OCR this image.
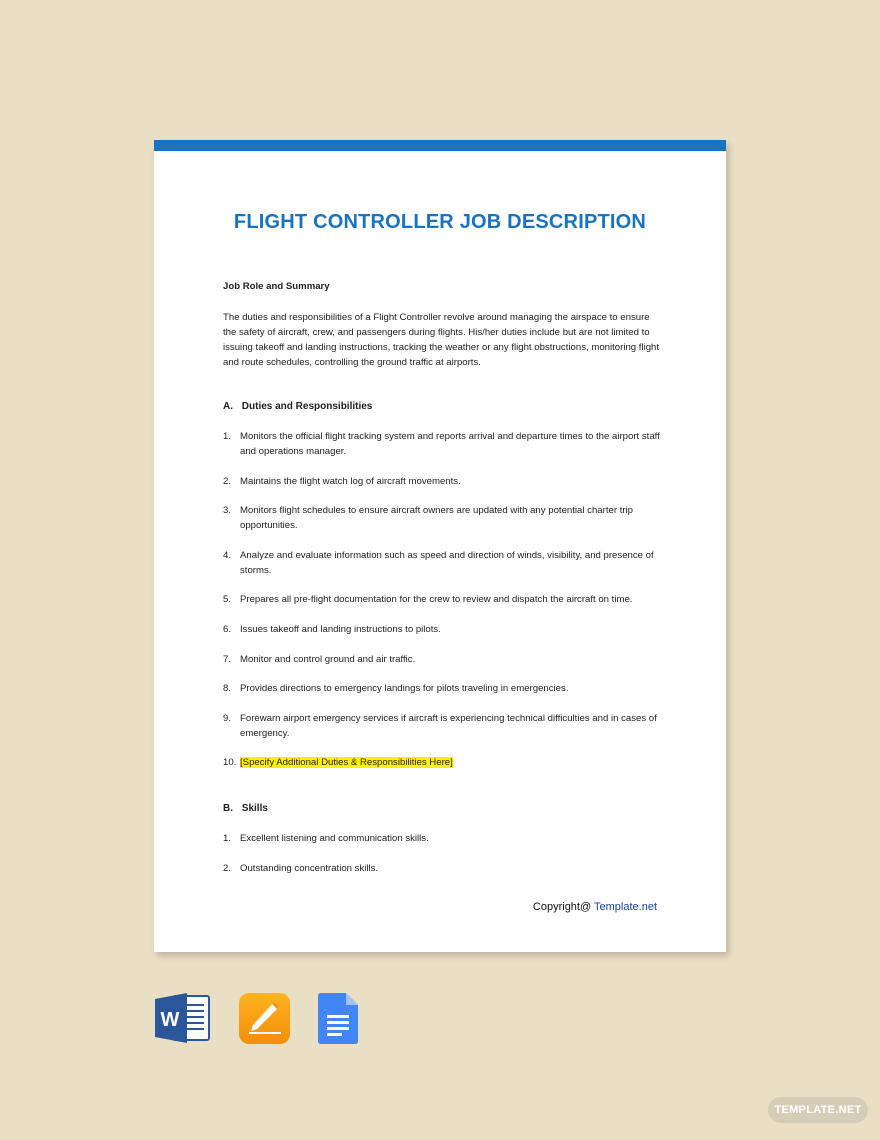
FLIGHT CONTROLLER JOB DESCRIPTION
Job Role and Summary
The duties and responsibilities of a Flight Controller revolve around managing the airspace to ensure the safety of aircraft, crew, and passengers during flights. His/her duties include but are not limited to issuing takeoff and landing instructions, tracking the weather or any flight obstructions, monitoring flight and route schedules, controlling the ground traffic at airports.
A. Duties and Responsibilities
1. Monitors the official flight tracking system and reports arrival and departure times to the airport staff and operations manager.
2. Maintains the flight watch log of aircraft movements.
3. Monitors flight schedules to ensure aircraft owners are updated with any potential charter trip opportunities.
4. Analyze and evaluate information such as speed and direction of winds, visibility, and presence of storms.
5. Prepares all pre-flight documentation for the crew to review and dispatch the aircraft on time.
6. Issues takeoff and landing instructions to pilots.
7. Monitor and control ground and air traffic.
8. Provides directions to emergency landings for pilots traveling in emergencies.
9. Forewarn airport emergency services if aircraft is experiencing technical difficulties and in cases of emergency.
10. [Specify Additional Duties & Responsibilities Here]
B. Skills
1. Excellent listening and communication skills.
2. Outstanding concentration skills.
Copyright@ Template.net
W
TEMPLATE.NET
